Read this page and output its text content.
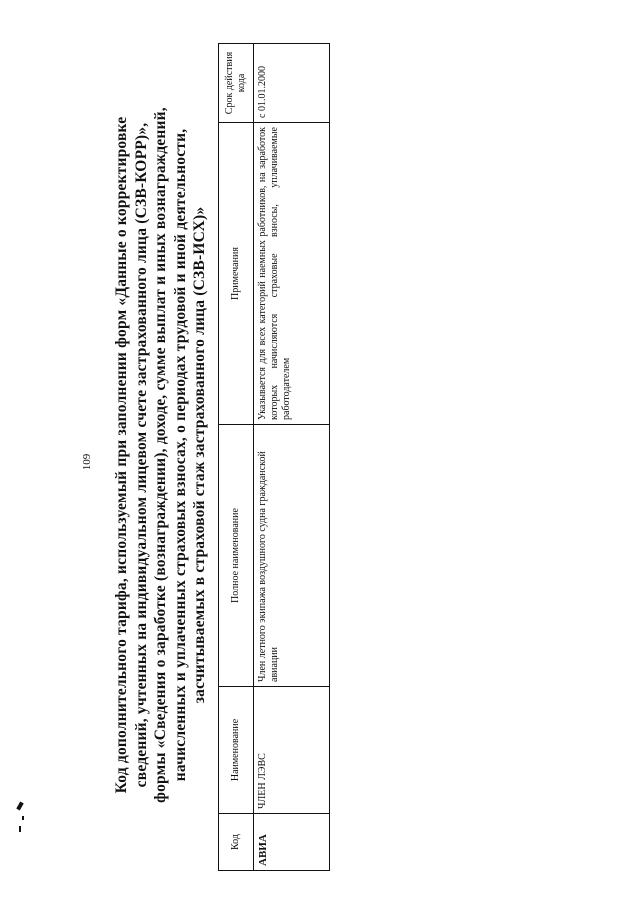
109 Код дополнительного тарифа, используемый при заполнении форм «Данные о корректировке сведений, учтенных на индивидуальном лицевом счете застрахованного лица (СЗВ-КОРР)», формы «Сведения о заработке (вознаграждении), доходе, сумме выплат и иных вознаграждений, начисленных и уплаченных страховых взносах, о периодах трудовой и иной деятельности, засчитываемых в страховой стаж застрахованного лица (СЗВ-ИСХ)»
Код	Наименование	Полное наименование	Примечания	Срок действия кода
АВИА	ЧЛЕН ЛЭВС	Член летного экипажа воздушного судна гражданской авиации	Указывается для всех категорий наемных работников, на заработок которых начисляются страховые взносы, уплачиваемые работодателем	с 01.01.2000
